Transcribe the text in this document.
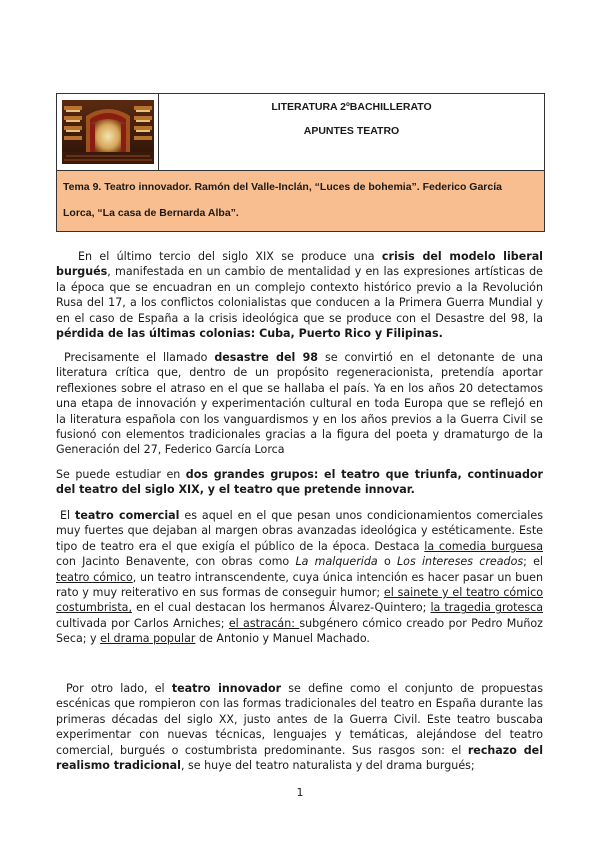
LITERATURA 2ºBACHILLERATO
APUNTES TEATRO
Tema 9. Teatro innovador. Ramón del Valle-Inclán, “Luces de bohemia”. Federico García
Lorca, “La casa de Bernarda Alba”.
En el último tercio del siglo XIX se produce una crisis del modelo liberal burgués, manifestada en un cambio de mentalidad y en las expresiones artísticas de la época que se encuadran en un complejo contexto histórico previo a la Revolución Rusa del 17, a los conflictos colonialistas que conducen a la Primera Guerra Mundial y en el caso de España a la crisis ideológica que se produce con el Desastre del 98, la pérdida de las últimas colonias: Cuba, Puerto Rico y Filipinas.
Precisamente el llamado desastre del 98 se convirtió en el detonante de una literatura crítica que, dentro de un propósito regeneracionista, pretendía aportar reflexiones sobre el atraso en el que se hallaba el país. Ya en los años 20 detectamos una etapa de innovación y experimentación cultural en toda Europa que se reflejó en la literatura española con los vanguardismos y en los años previos a la Guerra Civil se fusionó con elementos tradicionales gracias a la figura del poeta y dramaturgo de la Generación del 27, Federico García Lorca
Se puede estudiar en dos grandes grupos: el teatro que triunfa, continuador del teatro del siglo XIX, y el teatro que pretende innovar.
El teatro comercial es aquel en el que pesan unos condicionamientos comerciales muy fuertes que dejaban al margen obras avanzadas ideológica y estéticamente. Este tipo de teatro era el que exigía el público de la época. Destaca la comedia burguesa con Jacinto Benavente, con obras como La malquerida o Los intereses creados; el teatro cómico, un teatro intranscendente, cuya única intención es hacer pasar un buen rato y muy reiterativo en sus formas de conseguir humor; el sainete y el teatro cómico costumbrista, en el cual destacan los hermanos Álvarez-Quintero; la tragedia grotesca cultivada por Carlos Arniches; el astracán: subgénero cómico creado por Pedro Muñoz Seca; y el drama popular de Antonio y Manuel Machado.
Por otro lado, el teatro innovador se define como el conjunto de propuestas escénicas que rompieron con las formas tradicionales del teatro en España durante las primeras décadas del siglo XX, justo antes de la Guerra Civil. Este teatro buscaba experimentar con nuevas técnicas, lenguajes y temáticas, alejándose del teatro comercial, burgués o costumbrista predominante. Sus rasgos son: el rechazo del realismo tradicional, se huye del teatro naturalista y del drama burgués;
1
